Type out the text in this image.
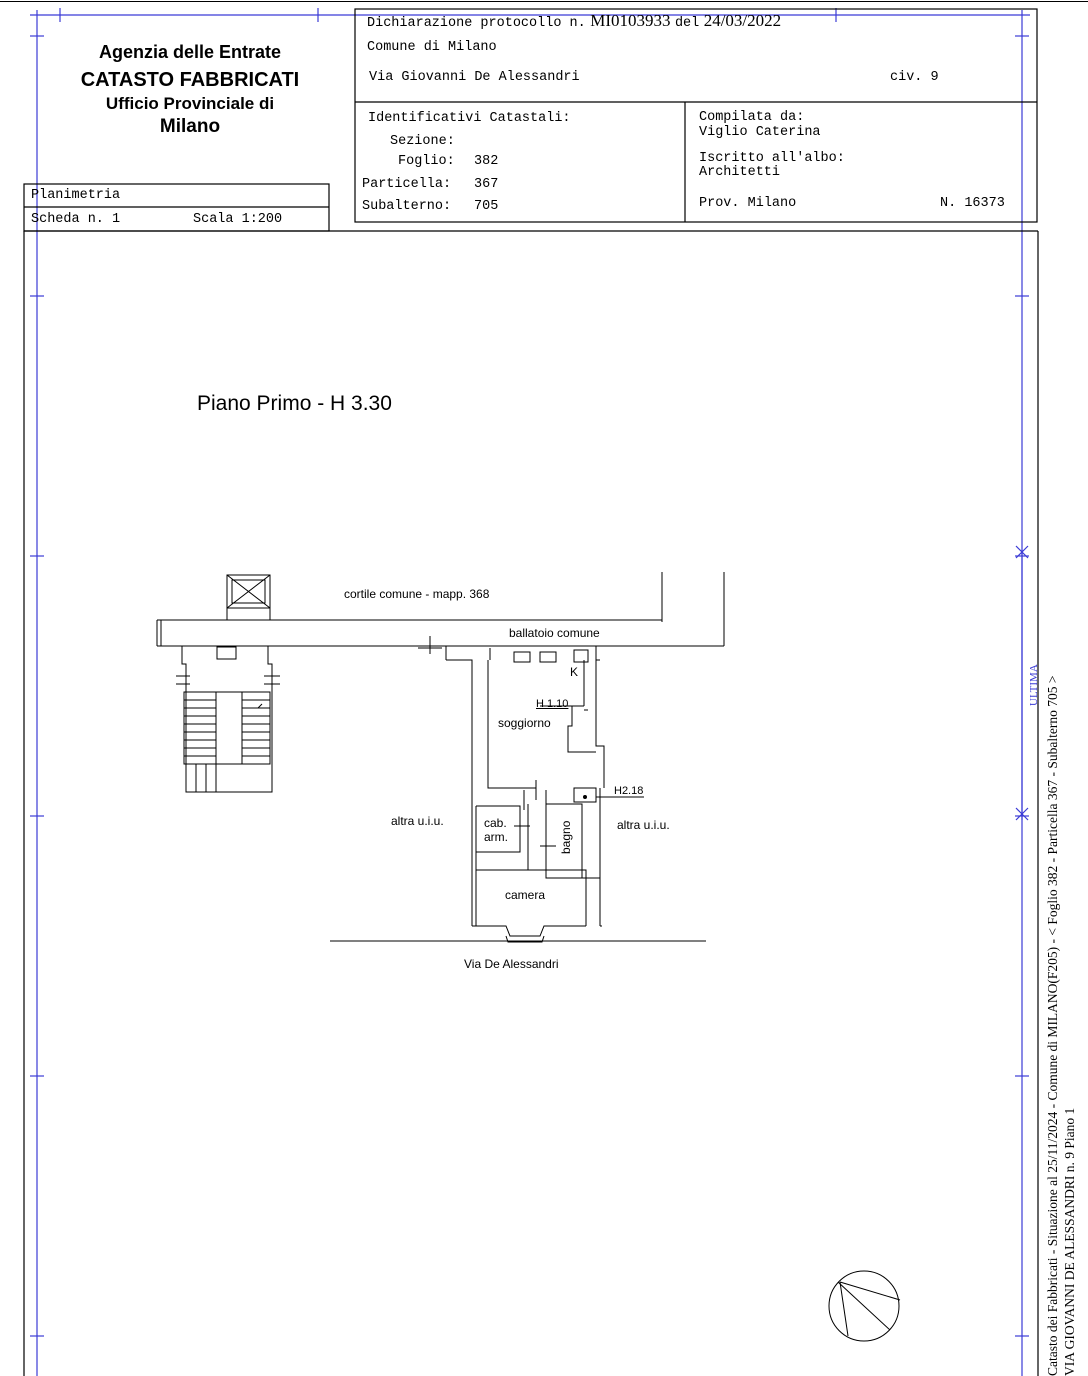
Agenzia delle Entrate
CATASTO FABBRICATI
Ufficio Provinciale di
Milano
Planimetria
Scheda n. 1	Scala 1:200
Dichiarazione protocollo n. MI0103933 del 24/03/2022
Comune di Milano
Via Giovanni De Alessandri	civ. 9
Identificativi Catastali:
Sezione:
Foglio: 382
Particella: 367
Subalterno: 705
Compilata da:
Viglio Caterina
Iscritto all'albo:
Architetti
Prov. Milano	N. 16373
Piano Primo - H 3.30
cortile comune - mapp. 368
ballatoio comune
K
H 1.10
soggiorno
H2.18
altra u.i.u.	altra u.i.u.
cab.
arm.	bagno
camera
Via De Alessandri
ULTIMA Catasto dei Fabbricati - Situazione al 25/11/2024 - Comune di MILANO(F205) - < Foglio 382 - Particella 367 - Subalterno 705 > VIA GIOVANNI DE ALESSANDRI n. 9 Piano 1
